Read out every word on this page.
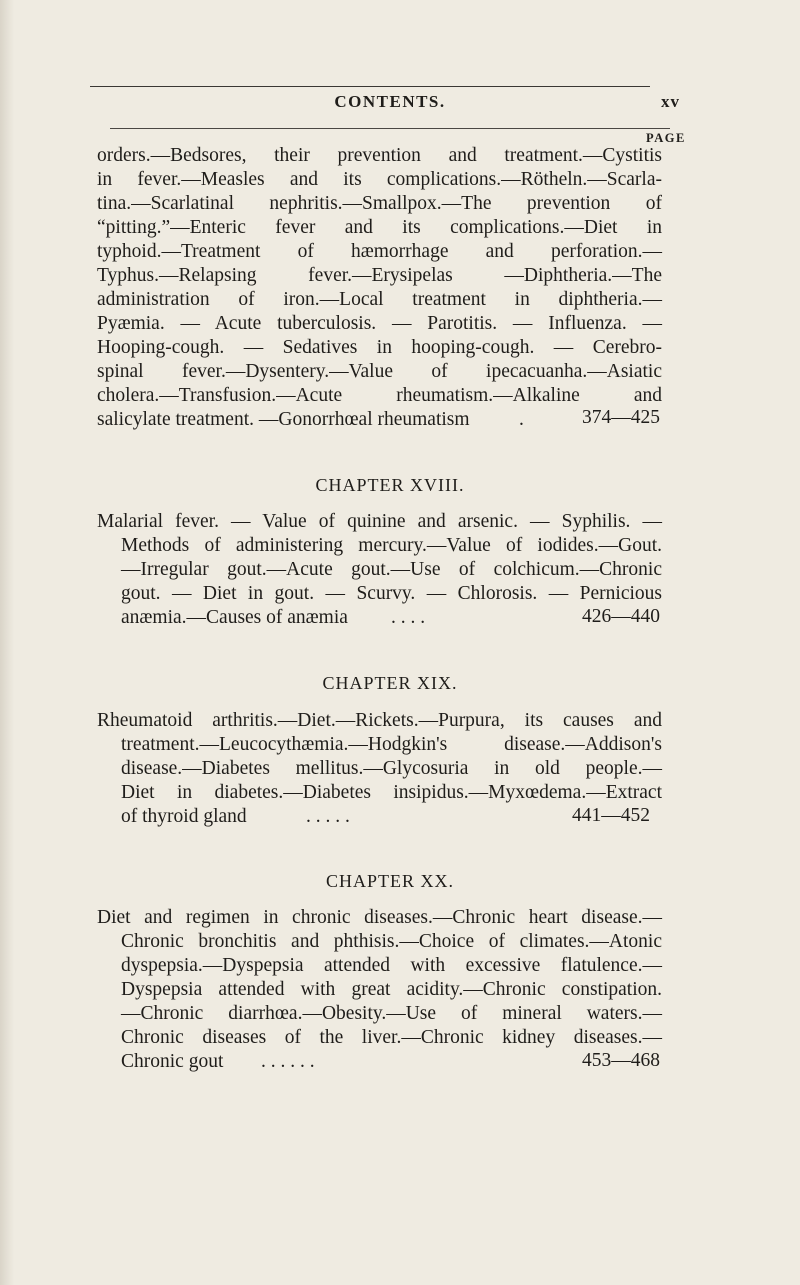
CONTENTS.	xv
PAGE
orders.—Bedsores, their prevention and treatment.—Cystitis
in fever.—Measles and its complications.—Rötheln.—Scarla-
tina.—Scarlatinal nephritis.—Smallpox.—The prevention of
“pitting.”—Enteric fever and its complications.—Diet in
typhoid.—Treatment of hæmorrhage and perforation.—
Typhus.—Relapsing fever.—Erysipelas —Diphtheria.—The
administration of iron.—Local treatment in diphtheria.—
Pyæmia. — Acute tuberculosis. — Parotitis. — Influenza. —
Hooping-cough. — Sedatives in hooping-cough. — Cerebro-
spinal fever.—Dysentery.—Value of ipecacuanha.—Asiatic
cholera.—Transfusion.—Acute rheumatism.—Alkaline and
salicylate treatment. —Gonorrhœal rheumatism	.	374—425
CHAPTER XVIII.
Malarial fever. — Value of quinine and arsenic. — Syphilis. —
Methods of administering mercury.—Value of iodides.—Gout.
—Irregular gout.—Acute gout.—Use of colchicum.—Chronic
gout. — Diet in gout. — Scurvy. — Chlorosis. — Pernicious
anæmia.—Causes of anæmia . . . .	426—440
CHAPTER XIX.
Rheumatoid arthritis.—Diet.—Rickets.—Purpura, its causes and
treatment.—Leucocythæmia.—Hodgkin's disease.—Addison's
disease.—Diabetes mellitus.—Glycosuria in old people.—
Diet in diabetes.—Diabetes insipidus.—Myxœdema.—Extract
of thyroid gland	. . . . .	441—452
CHAPTER XX.
Diet and regimen in chronic diseases.—Chronic heart disease.—
Chronic bronchitis and phthisis.—Choice of climates.—Atonic
dyspepsia.—Dyspepsia attended with excessive flatulence.—
Dyspepsia attended with great acidity.—Chronic constipation.
—Chronic diarrhœa.—Obesity.—Use of mineral waters.—
Chronic diseases of the liver.—Chronic kidney diseases.—
Chronic gout . . . . . .	453—468
